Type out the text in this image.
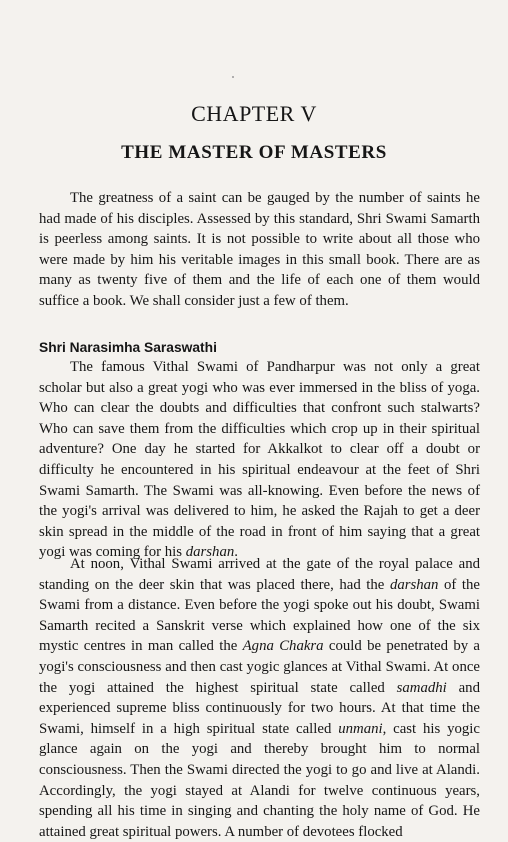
CHAPTER V
THE MASTER OF MASTERS

The greatness of a saint can be gauged by the number of saints he had made of his disciples. Assessed by this standard, Shri Swami Samarth is peerless among saints. It is not possible to write about all those who were made by him his veritable images in this small book. There are as many as twenty five of them and the life of each one of them would suffice a book. We shall consider just a few of them.

Shri Narasimha Saraswathi

The famous Vithal Swami of Pandharpur was not only a great scholar but also a great yogi who was ever immersed in the bliss of yoga. Who can clear the doubts and difficulties that confront such stalwarts? Who can save them from the difficulties which crop up in their spiritual adventure? One day he started for Akkalkot to clear off a doubt or difficulty he encountered in his spiritual endeavour at the feet of Shri Swami Samarth. The Swami was all-knowing. Even before the news of the yogi's arrival was delivered to him, he asked the Rajah to get a deer skin spread in the middle of the road in front of him saying that a great yogi was coming for his darshan.

At noon, Vithal Swami arrived at the gate of the royal palace and standing on the deer skin that was placed there, had the darshan of the Swami from a distance. Even before the yogi spoke out his doubt, Swami Samarth recited a Sanskrit verse which explained how one of the six mystic centres in man called the Agna Chakra could be penetrated by a yogi's consciousness and then cast yogic glances at Vithal Swami. At once the yogi attained the highest spiritual state called samadhi and experienced supreme bliss continuously for two hours. At that time the Swami, himself in a high spiritual state called unmani, cast his yogic glance again on the yogi and thereby brought him to normal consciousness. Then the Swami directed the yogi to go and live at Alandi. Accordingly, the yogi stayed at Alandi for twelve continuous years, spending all his time in singing and chanting the holy name of God. He attained great spiritual powers. A number of devotees flocked
